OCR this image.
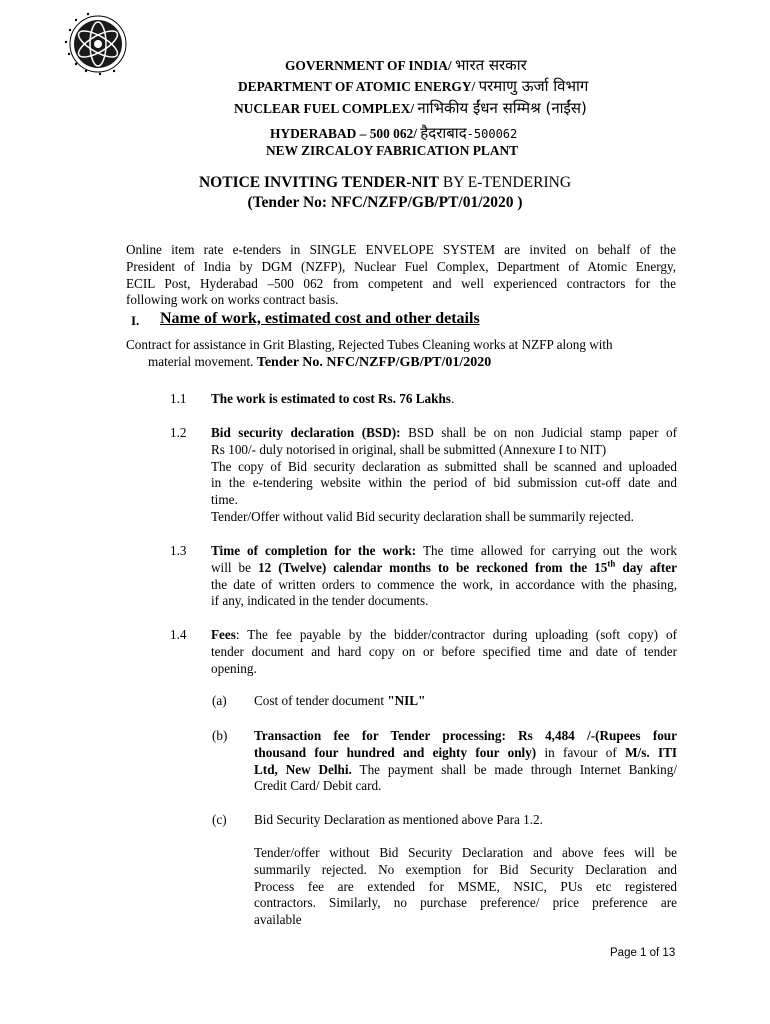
GOVERNMENT OF INDIA/ भारत सरकार
DEPARTMENT OF ATOMIC ENERGY/ परमाणु ऊर्जा विभाग
NUCLEAR FUEL COMPLEX/ नाभिकीय ईंधन सम्मिश्र (नाईंस)
HYDERABAD – 500 062/ हैदराबाद-500062
NEW ZIRCALOY FABRICATION PLANT
NOTICE INVITING TENDER-NIT BY E-TENDERING
(Tender No: NFC/NZFP/GB/PT/01/2020 )
Online item rate e-tenders in SINGLE ENVELOPE SYSTEM are invited on behalf of the
President of India by DGM (NZFP), Nuclear Fuel Complex, Department of Atomic Energy,
ECIL Post, Hyderabad –500 062 from competent and well experienced contractors for the
following work on works contract basis.
I. Name of work, estimated cost and other details
Contract for assistance in Grit Blasting, Rejected Tubes Cleaning works at NZFP along with
material movement. Tender No. NFC/NZFP/GB/PT/01/2020
1.1 The work is estimated to cost Rs. 76 Lakhs.
1.2 Bid security declaration (BSD): BSD shall be on non Judicial stamp paper of
Rs 100/- duly notorised in original, shall be submitted (Annexure I to NIT)
The copy of Bid security declaration as submitted shall be scanned and uploaded
in the e-tendering website within the period of bid submission cut-off date and
time.
Tender/Offer without valid Bid security declaration shall be summarily rejected.
1.3 Time of completion for the work: The time allowed for carrying out the work
will be 12 (Twelve) calendar months to be reckoned from the 15th day after
the date of written orders to commence the work, in accordance with the phasing,
if any, indicated in the tender documents.
1.4 Fees: The fee payable by the bidder/contractor during uploading (soft copy) of
tender document and hard copy on or before specified time and date of tender
opening.
(a) Cost of tender document "NIL"
(b) Transaction fee for Tender processing: Rs 4,484 /-(Rupees four
thousand four hundred and eighty four only) in favour of M/s. ITI
Ltd, New Delhi. The payment shall be made through Internet Banking/
Credit Card/ Debit card.
(c) Bid Security Declaration as mentioned above Para 1.2.
Tender/offer without Bid Security Declaration and above fees will be
summarily rejected. No exemption for Bid Security Declaration and
Process fee are extended for MSME, NSIC, PUs etc registered
contractors. Similarly, no purchase preference/ price preference are
available
Page 1 of 13
